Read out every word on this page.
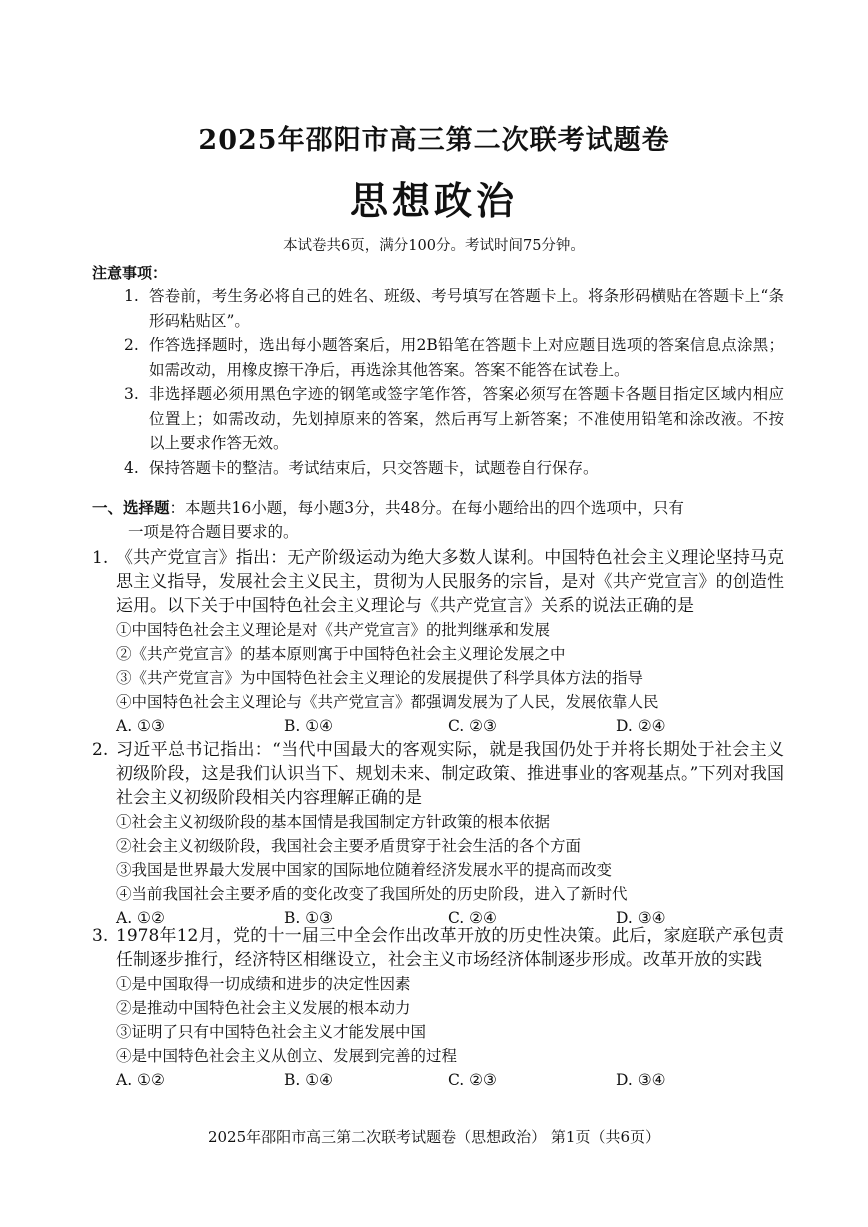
2025年邵阳市高三第二次联考试题卷
思想政治
本试卷共6页，满分100分。考试时间75分钟。
注意事项：
1. 答卷前，考生务必将自己的姓名、班级、考号填写在答题卡上。将条形码横贴在答题卡上“条形码粘贴区”。
2. 作答选择题时，选出每小题答案后，用2B铅笔在答题卡上对应题目选项的答案信息点涂黑；如需改动，用橡皮擦干净后，再选涂其他答案。答案不能答在试卷上。
3. 非选择题必须用黑色字迹的钢笔或签字笔作答，答案必须写在答题卡各题目指定区域内相应位置上；如需改动，先划掉原来的答案，然后再写上新答案；不准使用铅笔和涂改液。不按以上要求作答无效。
4. 保持答题卡的整洁。考试结束后，只交答题卡，试题卷自行保存。
一、选择题：本题共16小题，每小题3分，共48分。在每小题给出的四个选项中，只有
一项是符合题目要求的。
1. 《共产党宣言》指出：无产阶级运动为绝大多数人谋利。中国特色社会主义理论坚持马克思主义指导，发展社会主义民主，贯彻为人民服务的宗旨，是对《共产党宣言》的创造性运用。以下关于中国特色社会主义理论与《共产党宣言》关系的说法正确的是
①中国特色社会主义理论是对《共产党宣言》的批判继承和发展
②《共产党宣言》的基本原则寓于中国特色社会主义理论发展之中
③《共产党宣言》为中国特色社会主义理论的发展提供了科学具体方法的指导
④中国特色社会主义理论与《共产党宣言》都强调发展为了人民，发展依靠人民
A. ①③	B. ①④	C. ②③	D. ②④
2. 习近平总书记指出：“当代中国最大的客观实际，就是我国仍处于并将长期处于社会主义初级阶段，这是我们认识当下、规划未来、制定政策、推进事业的客观基点。”下列对我国社会主义初级阶段相关内容理解正确的是
①社会主义初级阶段的基本国情是我国制定方针政策的根本依据
②社会主义初级阶段，我国社会主要矛盾贯穿于社会生活的各个方面
③我国是世界最大发展中国家的国际地位随着经济发展水平的提高而改变
④当前我国社会主要矛盾的变化改变了我国所处的历史阶段，进入了新时代
A. ①②	B. ①③	C. ②④	D. ③④
3. 1978年12月，党的十一届三中全会作出改革开放的历史性决策。此后，家庭联产承包责任制逐步推行，经济特区相继设立，社会主义市场经济体制逐步形成。改革开放的实践
①是中国取得一切成绩和进步的决定性因素
②是推动中国特色社会主义发展的根本动力
③证明了只有中国特色社会主义才能发展中国
④是中国特色社会主义从创立、发展到完善的过程
A. ①②	B. ①④	C. ②③	D. ③④
2025年邵阳市高三第二次联考试题卷（思想政治） 第1页（共6页）
